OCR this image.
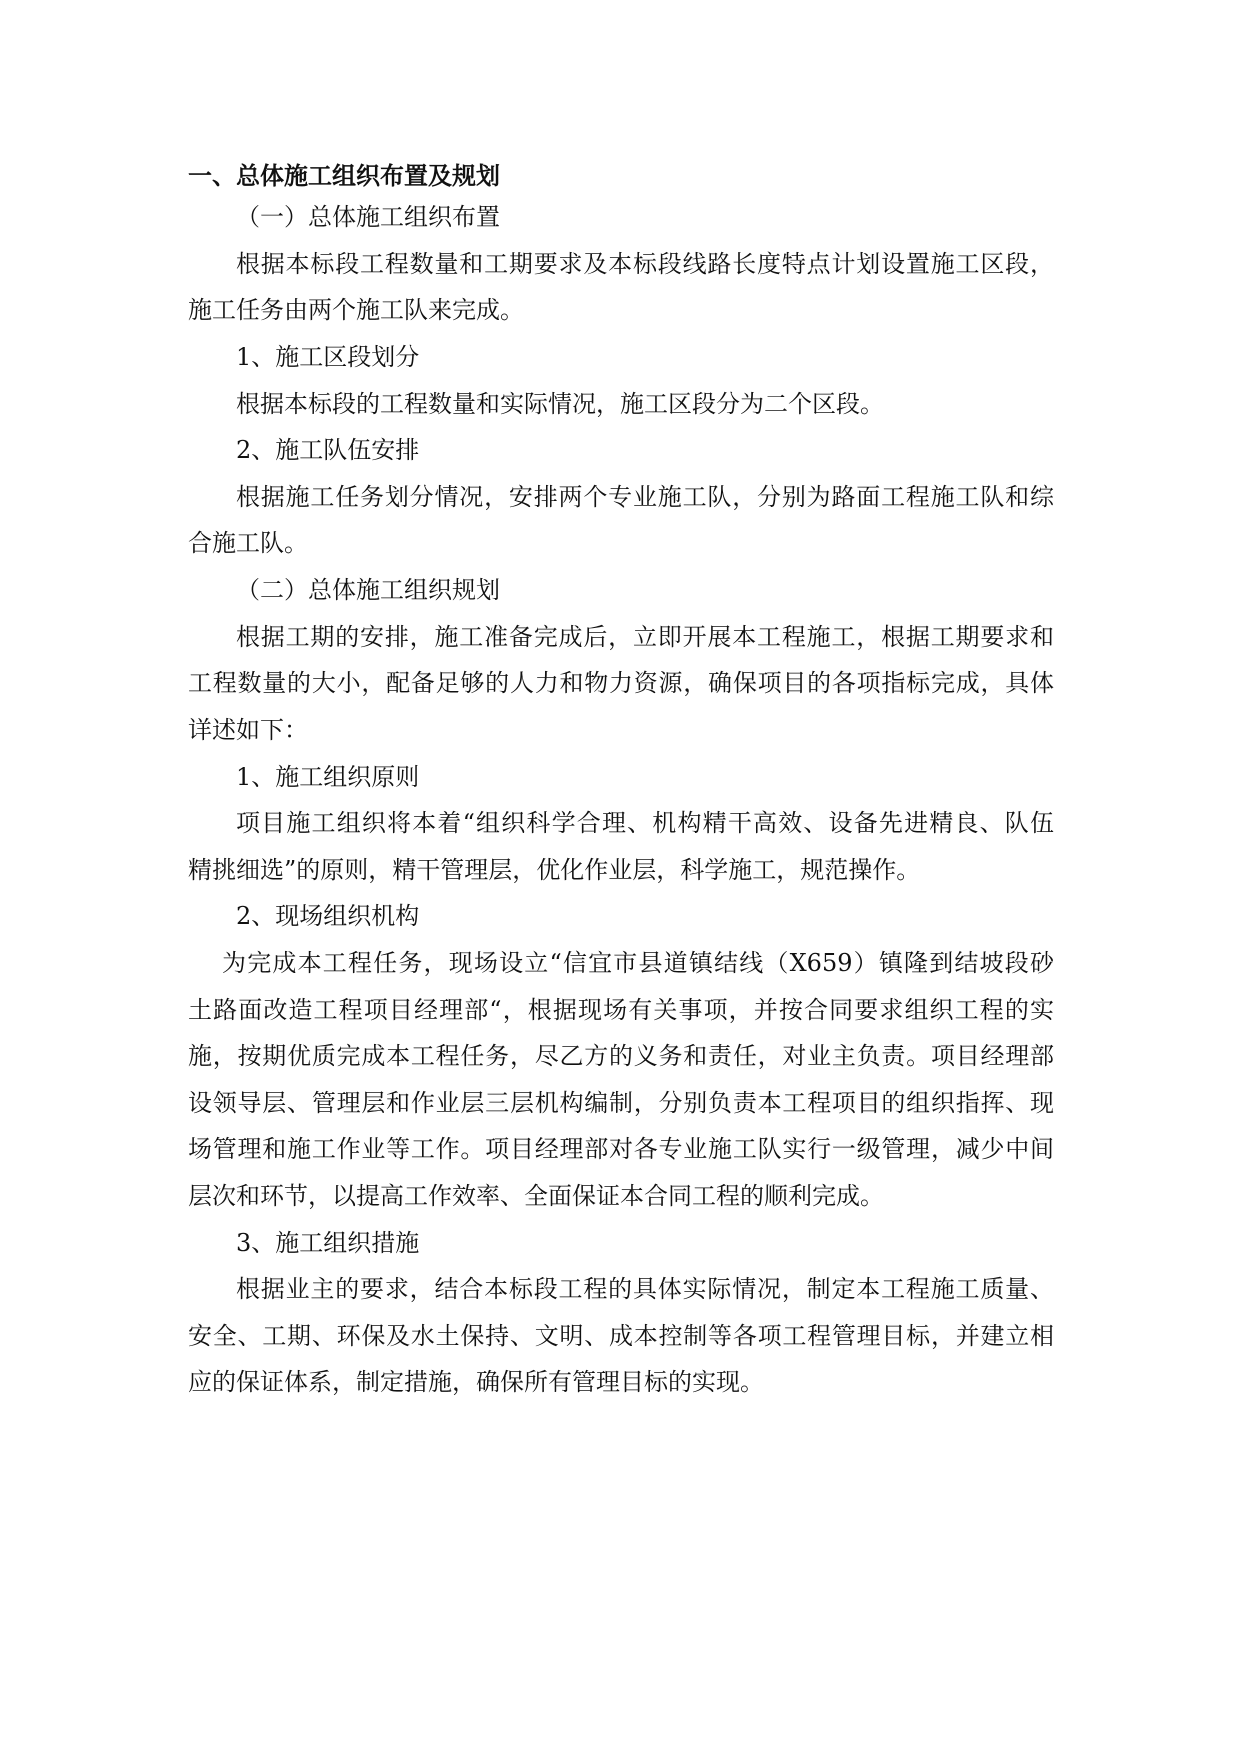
一、总体施工组织布置及规划
（一）总体施工组织布置
根据本标段工程数量和工期要求及本标段线路长度特点计划设置施工区段，
施工任务由两个施工队来完成。
1、施工区段划分
根据本标段的工程数量和实际情况，施工区段分为二个区段。
2、施工队伍安排
根据施工任务划分情况，安排两个专业施工队，分别为路面工程施工队和综
合施工队。
（二）总体施工组织规划
根据工期的安排，施工准备完成后，立即开展本工程施工，根据工期要求和
工程数量的大小，配备足够的人力和物力资源，确保项目的各项指标完成，具体
详述如下：
1、施工组织原则
项目施工组织将本着“组织科学合理、机构精干高效、设备先进精良、队伍
精挑细选”的原则，精干管理层，优化作业层，科学施工，规范操作。
2、现场组织机构
为完成本工程任务，现场设立“信宜市县道镇结线（X659）镇隆到结坡段砂
土路面改造工程项目经理部“，根据现场有关事项，并按合同要求组织工程的实
施，按期优质完成本工程任务，尽乙方的义务和责任，对业主负责。项目经理部
设领导层、管理层和作业层三层机构编制，分别负责本工程项目的组织指挥、现
场管理和施工作业等工作。项目经理部对各专业施工队实行一级管理，减少中间
层次和环节，以提高工作效率、全面保证本合同工程的顺利完成。
3、施工组织措施
根据业主的要求，结合本标段工程的具体实际情况，制定本工程施工质量、
安全、工期、环保及水土保持、文明、成本控制等各项工程管理目标，并建立相
应的保证体系，制定措施，确保所有管理目标的实现。
